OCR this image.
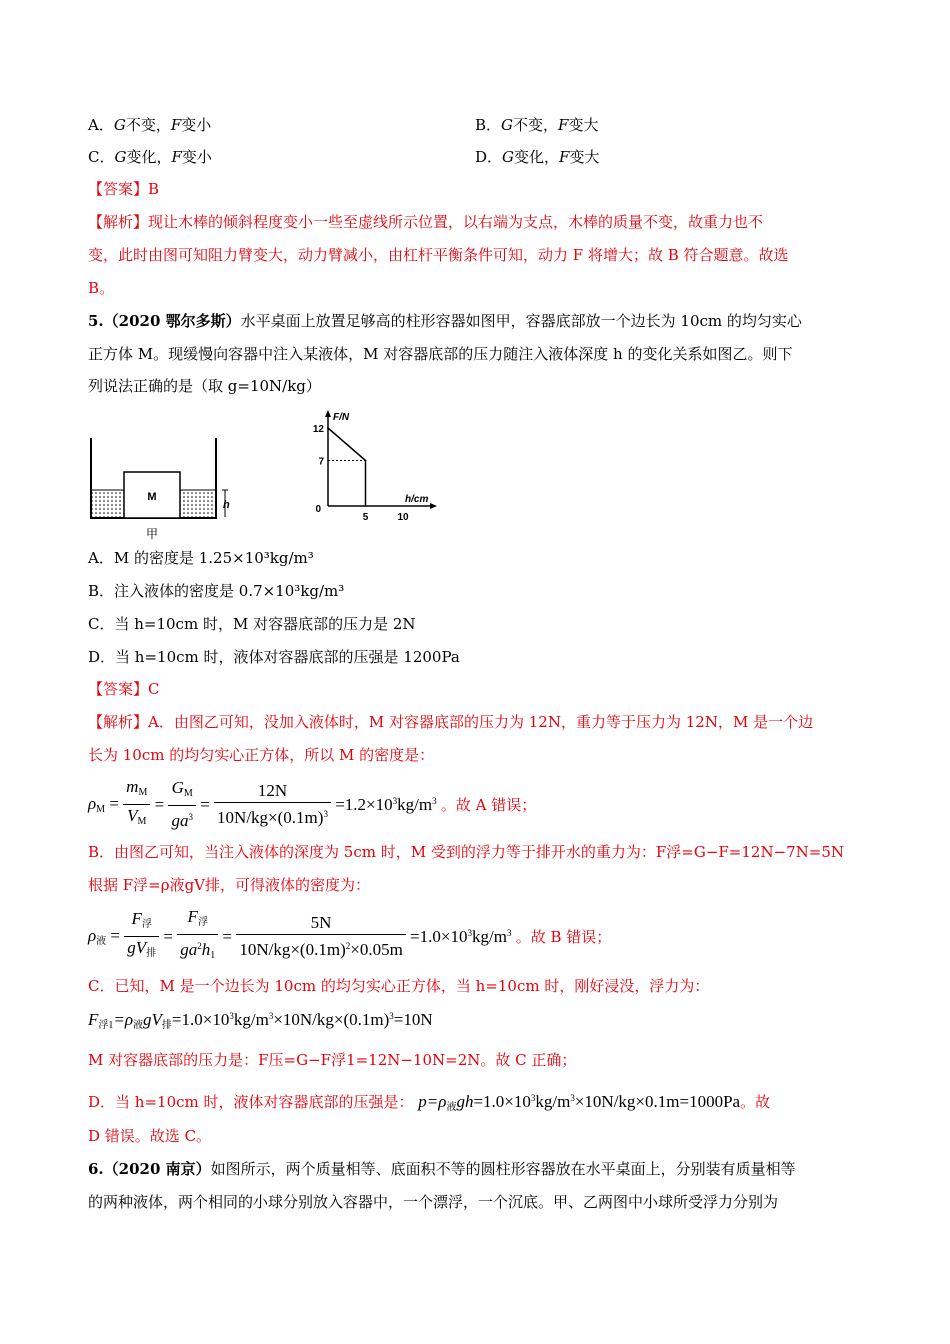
A．G不变，F变小	B．G不变，F变大
C．G变化，F变小	D．G变化，F变大
【答案】B
【解析】现让木棒的倾斜程度变小一些至虚线所示位置，以右端为支点，木棒的质量不变，故重力也不
变，此时由图可知阻力臂变大，动力臂减小，由杠杆平衡条件可知，动力 F 将增大；故 B 符合题意。故选
B。
5.（2020 鄂尔多斯）水平桌面上放置足够高的柱形容器如图甲，容器底部放一个边长为 10cm 的均匀实心
正方体 M。现缓慢向容器中注入某液体，M 对容器底部的压力随注入液体深度 h 的变化关系如图乙。则下
列说法正确的是（取 g=10N/kg）
M
h
甲
F/N
h/cm
0
12
7
5	10
A．M 的密度是 1.25×10³kg/m³
B．注入液体的密度是 0.7×10³kg/m³
C．当 h=10cm 时，M 对容器底部的压力是 2N
D．当 h=10cm 时，液体对容器底部的压强是 1200Pa
【答案】C
【解析】A．由图乙可知，没加入液体时，M 对容器底部的压力为 12N，重力等于压力为 12N，M 是一个边
长为 10cm 的均匀实心正方体，所以 M 的密度是：
$\rho_M = \frac{m_M}{V_M} = \frac{G_M}{ga^3} = \frac{12N}{10N/kg\times(0.1m)^3} =1.2\times 10^3kg/m^3$ 。故 A 错误；
B．由图乙可知，当注入液体的深度为 5cm 时，M 受到的浮力等于排开水的重力为：F浮=G−F=12N−7N=5N
根据 F浮=ρ液gV排，可得液体的密度为：
$\rho_液 = \frac{F_浮}{gV_排} = \frac{F_浮}{ga^2h_1} = \frac{5N}{10N/kg\times(0.1m)^2\times 0.05m} =1.0\times 10^3kg/m^3$ 。故 B 错误；
C．已知，M 是一个边长为 10cm 的均匀实心正方体，当 h=10cm 时，刚好浸没，浮力为：
$F_{浮1}=\rho_液gV_排=1.0\times 10^3kg/m^3\times 10N/kg\times(0.1m)^3=10N$
M 对容器底部的压力是：F压=G−F浮1=12N−10N=2N。故 C 正确；
D．当 h=10cm 时，液体对容器底部的压强是： $p=\rho_液gh=1.0\times 10^3kg/m^3\times 10N/kg\times 0.1m=1000Pa$。故
D 错误。故选 C。
6.（2020 南京）如图所示，两个质量相等、底面积不等的圆柱形容器放在水平桌面上，分别装有质量相等
的两种液体，两个相同的小球分别放入容器中，一个漂浮，一个沉底。甲、乙两图中小球所受浮力分别为
